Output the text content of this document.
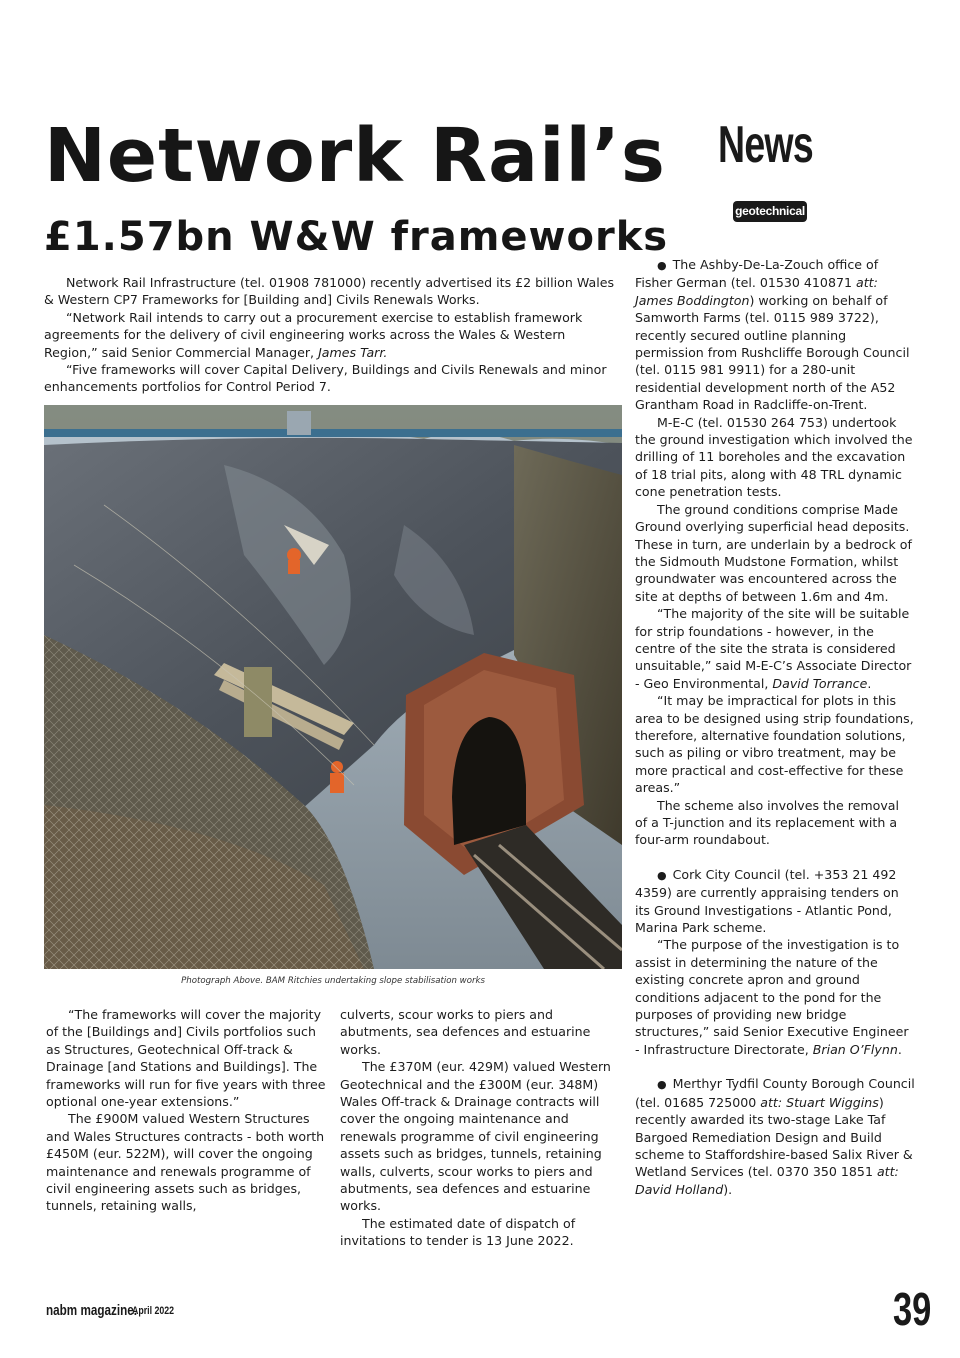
Network Rail’s
£1.57bn W&W frameworks
News
geotechnical

Network Rail Infrastructure (tel. 01908 781000) recently advertised its £2 billion Wales & Western CP7 Frameworks for [Building and] Civils Renewals Works.

“Network Rail intends to carry out a procurement exercise to establish framework agreements for the delivery of civil engineering works across the Wales & Western Region,” said Senior Commercial Manager, James Tarr.

“Five frameworks will cover Capital Delivery, Buildings and Civils Renewals and minor enhancements portfolios for Control Period 7.

Photograph Above. BAM Ritchies undertaking slope stabilisation works

“The frameworks will cover the majority of the [Buildings and] Civils portfolios such as Structures, Geotechnical Off-track & Drainage [and Stations and Buildings]. The frameworks will run for five years with three optional one-year extensions.”

The £900M valued Western Structures and Wales Structures contracts - both worth £450M (eur. 522M), will cover the ongoing maintenance and renewals programme of civil engineering assets such as bridges, tunnels, retaining walls,

culverts, scour works to piers and abutments, sea defences and estuarine works.

The £370M (eur. 429M) valued Western Geotechnical and the £300M (eur. 348M) Wales Off-track & Drainage contracts will cover the ongoing maintenance and renewals programme of civil engineering assets such as bridges, tunnels, retaining walls, culverts, scour works to piers and abutments, sea defences and estuarine works.

The estimated date of dispatch of invitations to tender is 13 June 2022.

● The Ashby-De-La-Zouch office of Fisher German (tel. 01530 410871 att: James Boddington) working on behalf of Samworth Farms (tel. 0115 989 3722), recently secured outline planning permission from Rushcliffe Borough Council (tel. 0115 981 9911) for a 280-unit residential development north of the A52 Grantham Road in Radcliffe-on-Trent.

M-E-C (tel. 01530 264 753) undertook the ground investigation which involved the drilling of 11 boreholes and the excavation of 18 trial pits, along with 48 TRL dynamic cone penetration tests.

The ground conditions comprise Made Ground overlying superficial head deposits. These in turn, are underlain by a bedrock of the Sidmouth Mudstone Formation, whilst groundwater was encountered across the site at depths of between 1.6m and 4m.

“The majority of the site will be suitable for strip foundations - however, in the centre of the site the strata is considered unsuitable,” said M-E-C’s Associate Director - Geo Environmental, David Torrance.

“It may be impractical for plots in this area to be designed using strip foundations, therefore, alternative foundation solutions, such as piling or vibro treatment, may be more practical and cost-effective for these areas.”

The scheme also involves the removal of a T-junction and its replacement with a four-arm roundabout.

● Cork City Council (tel. +353 21 492 4359) are currently appraising tenders on its Ground Investigations - Atlantic Pond, Marina Park scheme.

“The purpose of the investigation is to assist in determining the nature of the existing concrete apron and ground conditions adjacent to the pond for the purposes of providing new bridge structures,” said Senior Executive Engineer - Infrastructure Directorate, Brian O’Flynn.

● Merthyr Tydfil County Borough Council (tel. 01685 725000 att: Stuart Wiggins) recently awarded its two-stage Lake Taf Bargoed Remediation Design and Build scheme to Staffordshire-based Salix River & Wetland Services (tel. 0370 350 1851 att: David Holland).

nabm magazine.
April 2022	39
